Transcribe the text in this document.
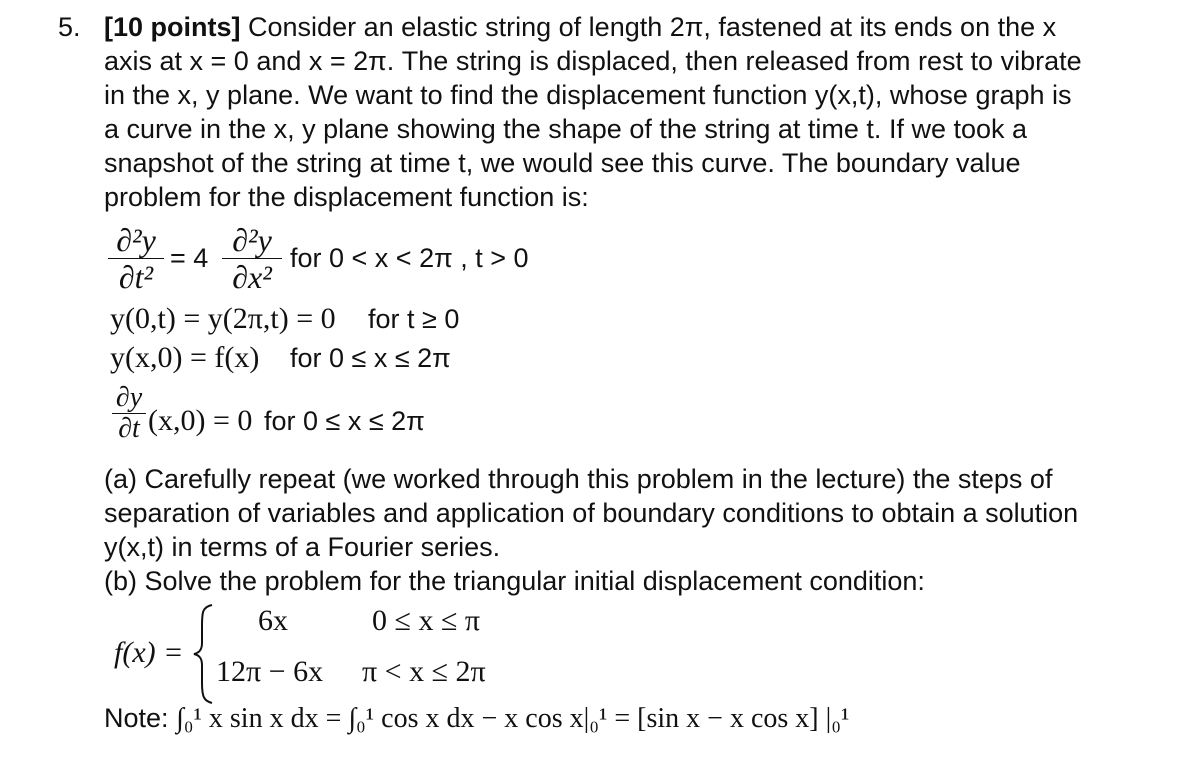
5. [10 points] Consider an elastic string of length 2π, fastened at its ends on the x
axis at x = 0 and x = 2π. The string is displaced, then released from rest to vibrate
in the x, y plane. We want to find the displacement function y(x,t), whose graph is
a curve in the x, y plane showing the shape of the string at time t. If we took a
snapshot of the string at time t, we would see this curve. The boundary value
problem for the displacement function is:
∂²y
∂t²
= 4 ∂²y
∂x²
for 0 < x < 2π , t > 0
y(0,t) = y(2π,t) = 0 for t ≥ 0
y(x,0) = f(x) for 0 ≤ x ≤ 2π
∂y
∂t (x,0) = 0 for 0 ≤ x ≤ 2π
(a) Carefully repeat (we worked through this problem in the lecture) the steps of
separation of variables and application of boundary conditions to obtain a solution
y(x,t) in terms of a Fourier series.
(b) Solve the problem for the triangular initial displacement condition:
f(x) =
6x	0 ≤ x ≤ π
12π − 6x π < x ≤ 2π
Note: ∫₀¹ x sin x dx = ∫₀¹ cos x dx − x cos x|₀¹ = [sin x − x cos x] |₀¹
